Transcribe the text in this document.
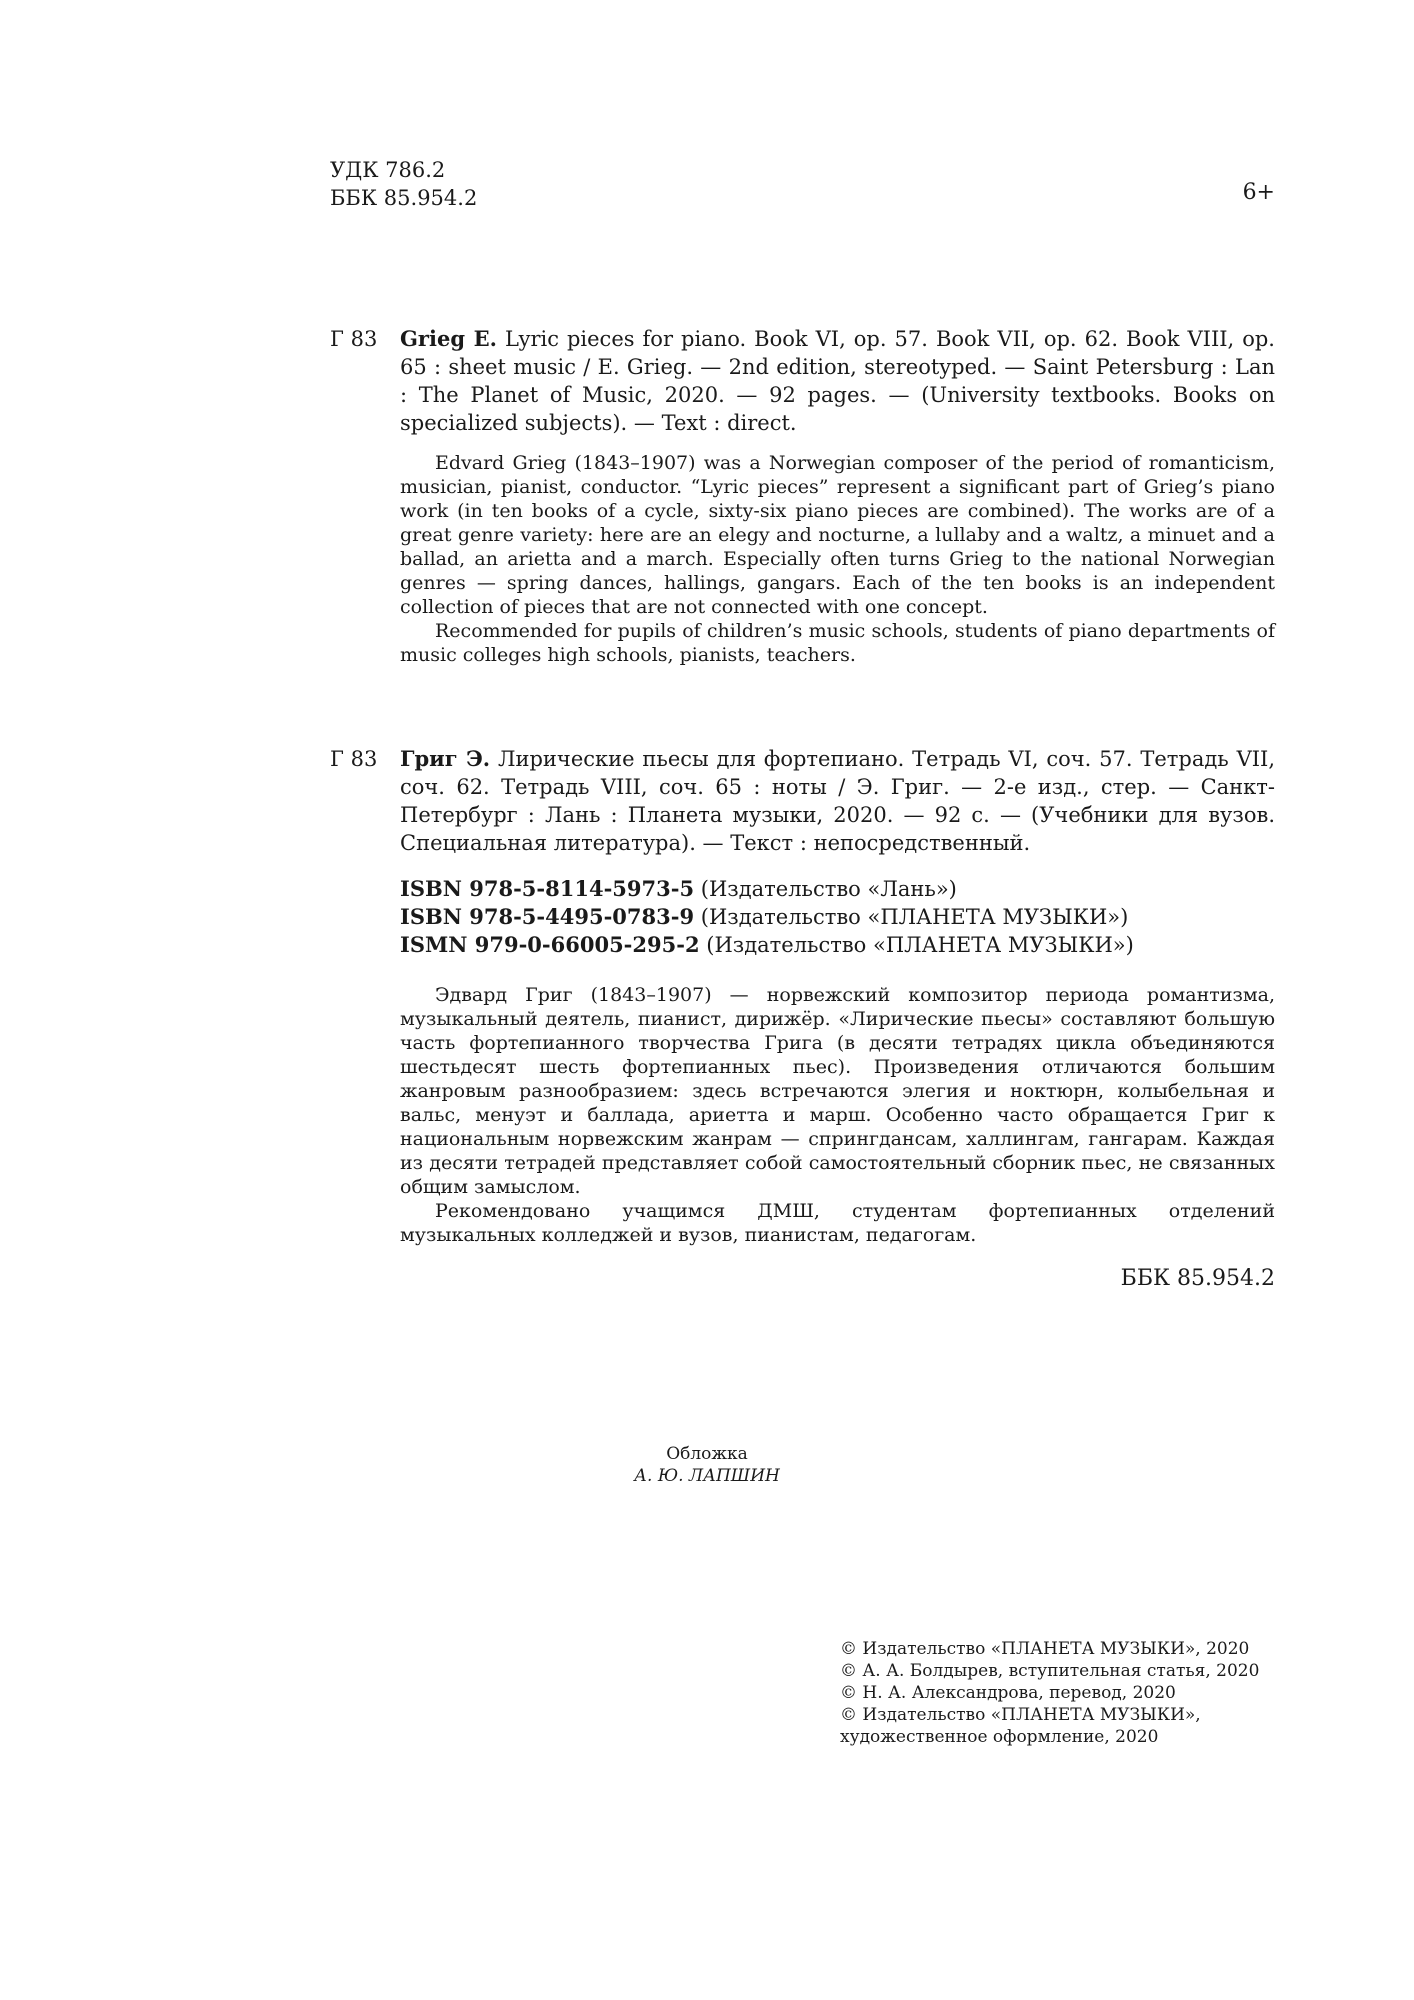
УДК 786.2
ББК 85.954.2	6+
Г 83 Grieg E. Lyric pieces for piano. Book VI, op. 57. Book VII, op. 62. Book VIII, op. 65 : sheet music / E. Grieg. — 2nd edition, stereotyped. — Saint Petersburg : Lan : The Planet of Music, 2020. — 92 pages. — (University textbooks. Books on specialized subjects). — Text : direct.

Edvard Grieg (1843–1907) was a Norwegian composer of the period of romanticism, musician, pianist, conductor. “Lyric pieces” represent a significant part of Grieg’s piano work (in ten books of a cycle, sixty-six piano pieces are combined). The works are of a great genre variety: here are an elegy and nocturne, a lullaby and a waltz, a minuet and a ballad, an arietta and a march. Especially often turns Grieg to the national Norwegian genres — spring dances, hallings, gangars. Each of the ten books is an independent collection of pieces that are not connected with one concept.

Recommended for pupils of children’s music schools, students of piano departments of music colleges high schools, pianists, teachers.

Г 83 Григ Э. Лирические пьесы для фортепиано. Тетрадь VI, соч. 57. Тетрадь VII, соч. 62. Тетрадь VIII, соч. 65 : ноты / Э. Григ. — 2-е изд., стер. — Санкт-Петербург : Лань : Планета музыки, 2020. — 92 с. — (Учебники для вузов. Специальная литература). — Текст : непосредственный.
ISBN 978-5-8114-5973-5 (Издательство «Лань»)
ISBN 978-5-4495-0783-9 (Издательство «ПЛАНЕТА МУЗЫКИ»)
ISMN 979-0-66005-295-2 (Издательство «ПЛАНЕТА МУЗЫКИ»)

Эдвард Григ (1843–1907) — норвежский композитор периода романтизма, музыкальный деятель, пианист, дирижёр. «Лирические пьесы» составляют большую часть фортепианного творчества Грига (в десяти тетрадях цикла объединяются шестьдесят шесть фортепианных пьес). Произведения отличаются большим жанровым разнообразием: здесь встречаются элегия и ноктюрн, колыбельная и вальс, менуэт и баллада, ариетта и марш. Особенно часто обращается Григ к национальным норвежским жанрам — спрингдансам, халлингам, гангарам. Каждая из десяти тетрадей представляет собой самостоятельный сборник пьес, не связанных общим замыслом.

Рекомендовано учащимся ДМШ, студентам фортепианных отделений музыкальных колледжей и вузов, пианистам, педагогам.

ББК 85.954.2
Обложка
А. Ю. ЛАПШИН
© Издательство «ПЛАНЕТА МУЗЫКИ», 2020
© А. А. Болдырев, вступительная статья, 2020
© Н. А. Александрова, перевод, 2020
© Издательство «ПЛАНЕТА МУЗЫКИ», художественное оформление, 2020
